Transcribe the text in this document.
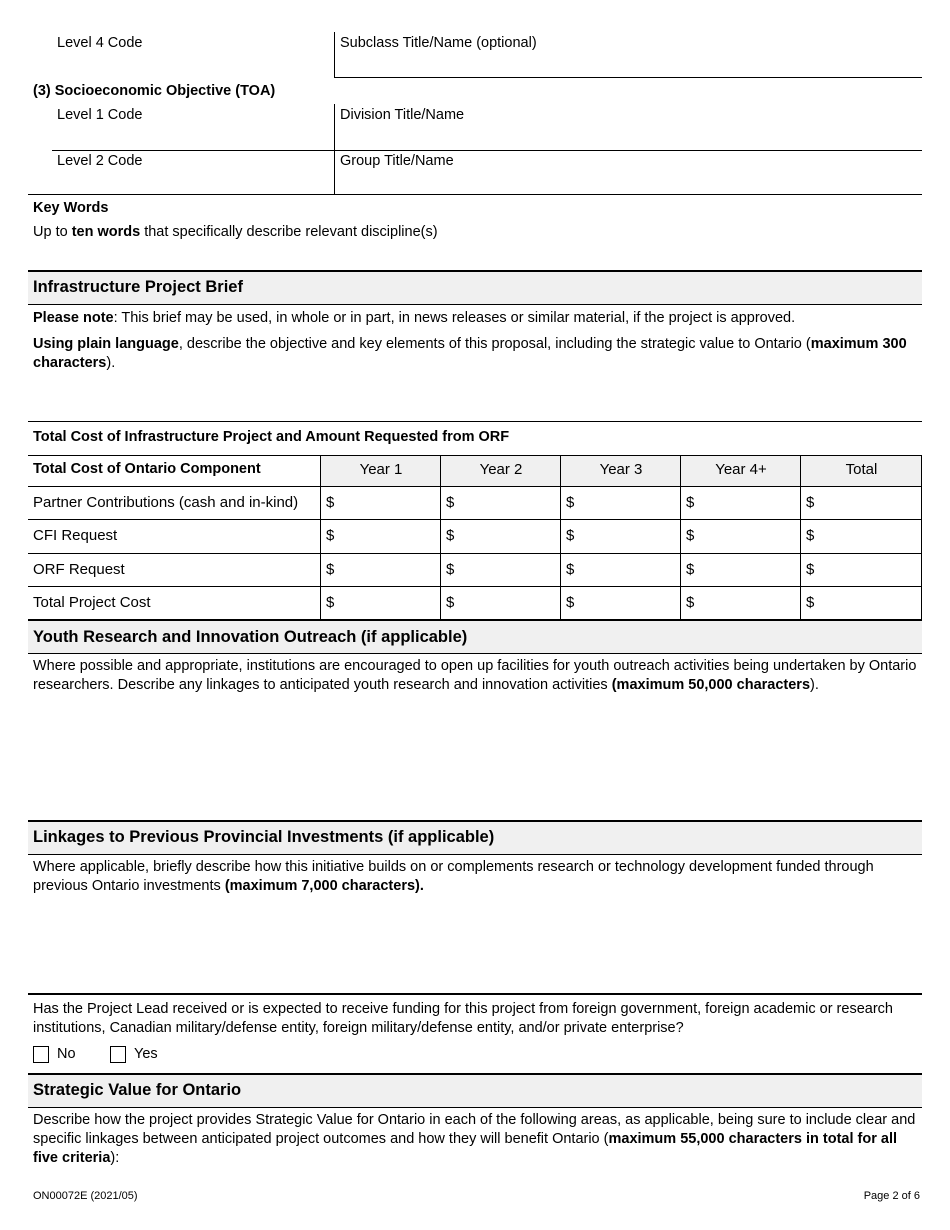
Level 4 Code	Subclass Title/Name (optional)
(3) Socioeconomic Objective (TOA)
Level 1 Code	Division Title/Name
Level 2 Code	Group Title/Name
Key Words
Up to ten words that specifically describe relevant discipline(s)
Infrastructure Project Brief
Please note: This brief may be used, in whole or in part, in news releases or similar material, if the project is approved.
Using plain language, describe the objective and key elements of this proposal, including the strategic value to Ontario (maximum 300 characters).
Total Cost of Infrastructure Project and Amount Requested from ORF
Total Cost of Ontario Component	Year 1	Year 2	Year 3	Year 4+	Total
Partner Contributions (cash and in-kind) $	$	$	$	$
CFI Request	$	$	$	$	$
ORF Request	$	$	$	$	$
Total Project Cost	$	$	$	$	$
Youth Research and Innovation Outreach (if applicable)
Where possible and appropriate, institutions are encouraged to open up facilities for youth outreach activities being undertaken by Ontario researchers. Describe any linkages to anticipated youth research and innovation activities (maximum 50,000 characters).
Linkages to Previous Provincial Investments (if applicable)
Where applicable, briefly describe how this initiative builds on or complements research or technology development funded through previous Ontario investments (maximum 7,000 characters).
Has the Project Lead received or is expected to receive funding for this project from foreign government, foreign academic or research institutions, Canadian military/defense entity, foreign military/defense entity, and/or private enterprise?
No	Yes
Strategic Value for Ontario
Describe how the project provides Strategic Value for Ontario in each of the following areas, as applicable, being sure to include clear and specific linkages between anticipated project outcomes and how they will benefit Ontario (maximum 55,000 characters in total for all five criteria):
ON00072E (2021/05)	Page 2 of 6
